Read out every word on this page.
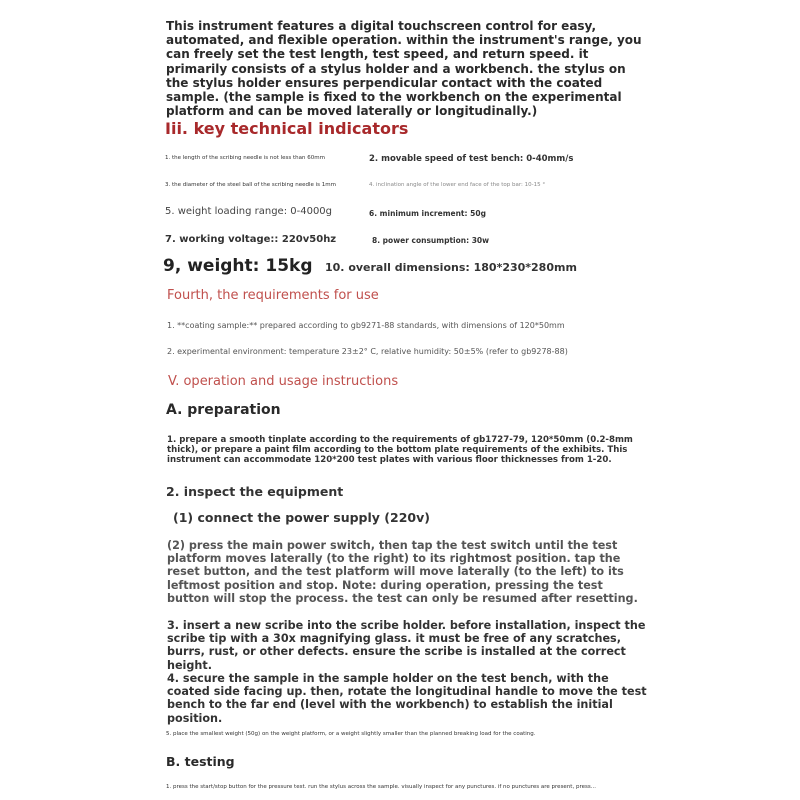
This instrument features a digital touchscreen control for easy, automated, and flexible operation. within the instrument's range, you can freely set the test length, test speed, and return speed. it primarily consists of a stylus holder and a workbench. the stylus on the stylus holder ensures perpendicular contact with the coated sample. (the sample is fixed to the workbench on the experimental platform and can be moved laterally or longitudinally.)
Iii. key technical indicators
1. the length of the scribing needle is not less than 60mm	2. movable speed of test bench: 0-40mm/s
3. the diameter of the steel ball of the scribing needle is 1mm	4. inclination angle of the lower end face of the top bar: 10-15 °
5. weight loading range: 0-4000g	6. minimum increment: 50g
7. working voltage:: 220v50hz	8. power consumption: 30w
9, weight: 15kg 10. overall dimensions: 180*230*280mm
Fourth, the requirements for use
1. **coating sample:** prepared according to gb9271-88 standards, with dimensions of 120*50mm
2. experimental environment: temperature 23±2° C, relative humidity: 50±5% (refer to gb9278-88)
V. operation and usage instructions
A. preparation
1. prepare a smooth tinplate according to the requirements of gb1727-79, 120*50mm (0.2-8mm thick), or prepare a paint film according to the bottom plate requirements of the exhibits. This instrument can accommodate 120*200 test plates with various floor thicknesses from 1-20.
2. inspect the equipment
(1) connect the power supply (220v)
(2) press the main power switch, then tap the test switch until the test platform moves laterally (to the right) to its rightmost position. tap the reset button, and the test platform will move laterally (to the left) to its leftmost position and stop. Note: during operation, pressing the test button will stop the process. the test can only be resumed after resetting.
3. insert a new scribe into the scribe holder. before installation, inspect the scribe tip with a 30x magnifying glass. it must be free of any scratches, burrs, rust, or other defects. ensure the scribe is installed at the correct height.
4. secure the sample in the sample holder on the test bench, with the coated side facing up. then, rotate the longitudinal handle to move the test bench to the far end (level with the workbench) to establish the initial position.
5. place the smallest weight (50g) on the weight platform, or a weight slightly smaller than the planned breaking load for the coating.
B. testing
1. press the start/stop button for the pressure test. run the stylus across the sample. visually inspect for any punctures. if no punctures are present, press...
